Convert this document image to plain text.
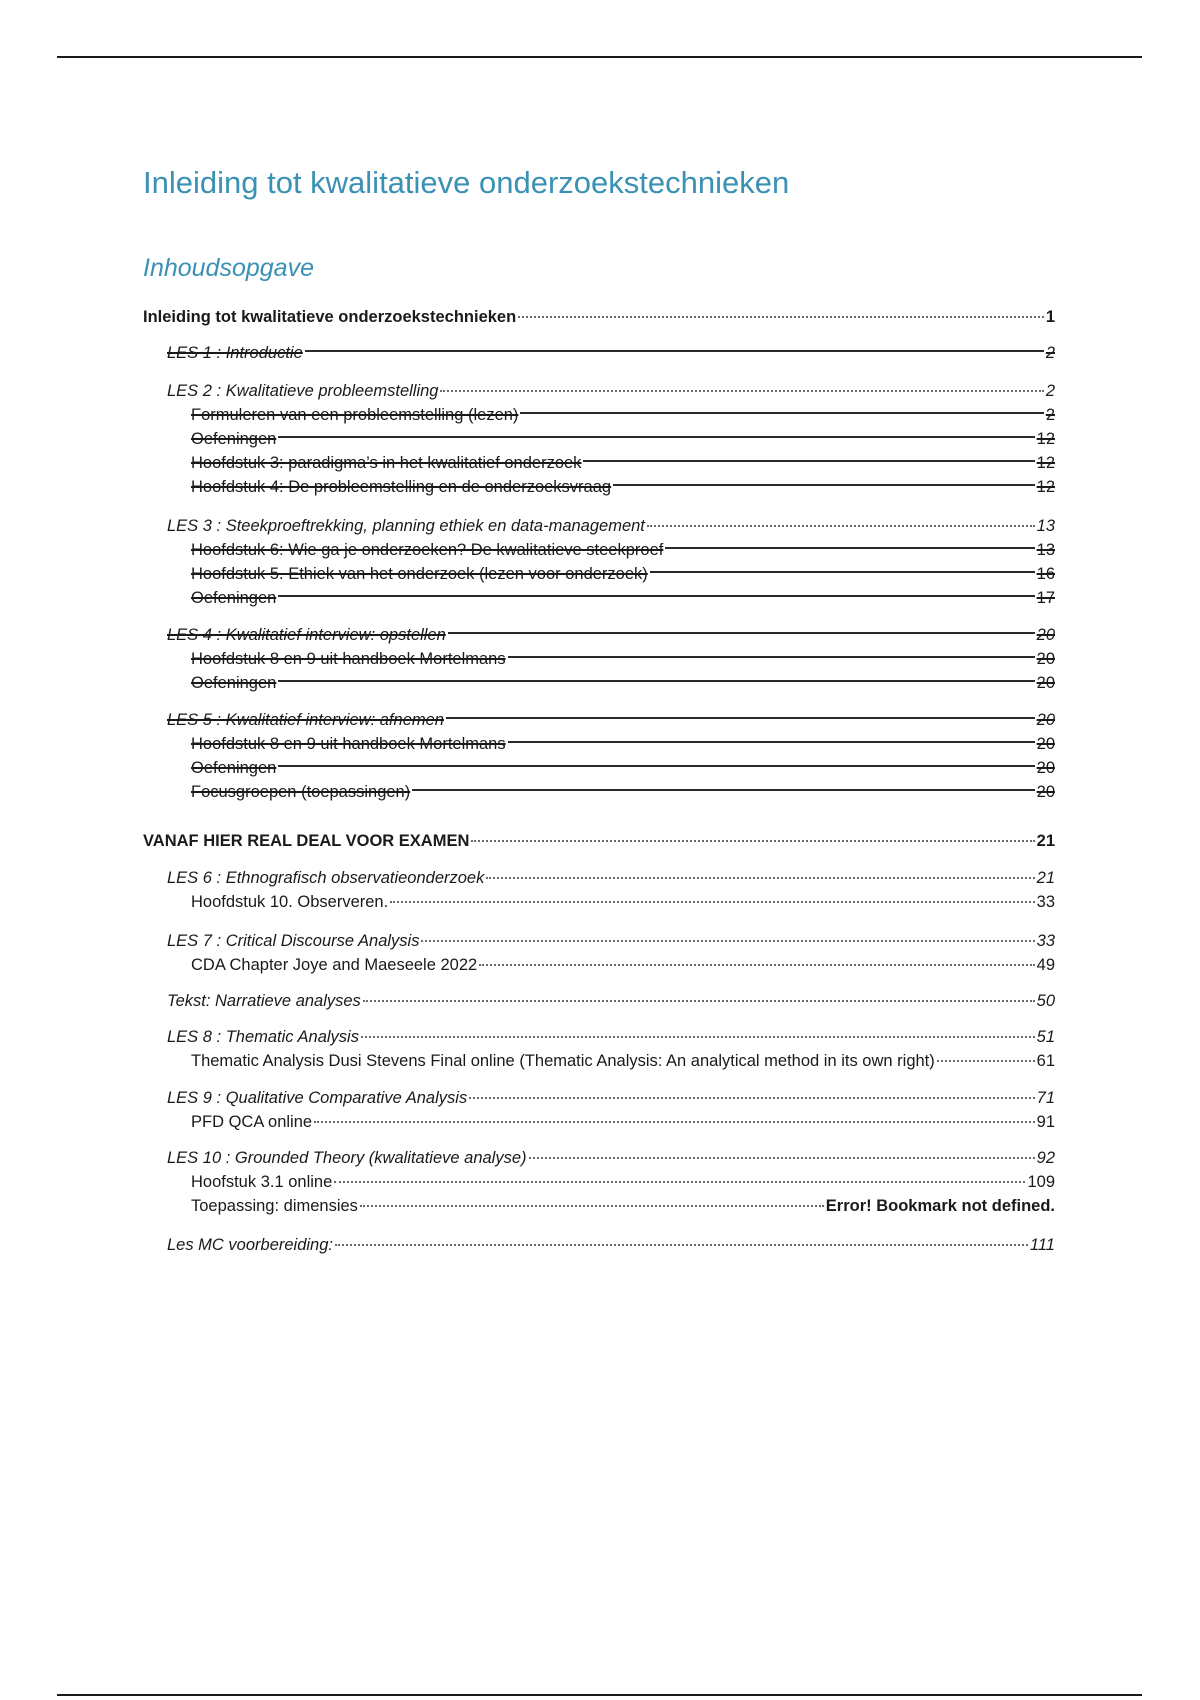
Inleiding tot kwalitatieve onderzoekstechnieken
Inhoudsopgave
Inleiding tot kwalitatieve onderzoekstechnieken	1
LES 1 : Introductie	2
LES 2 : Kwalitatieve probleemstelling	2
Formuleren van een probleemstelling (lezen)	2
Oefeningen	12
Hoofdstuk 3: paradigma’s in het kwalitatief onderzoek	12
Hoofdstuk 4: De probleemstelling en de onderzoeksvraag	12
LES 3 : Steekproeftrekking, planning ethiek en data-management	13
Hoofdstuk 6: Wie ga je onderzoeken? De kwalitatieve steekproef	13
Hoofdstuk 5. Ethiek van het onderzoek (lezen voor onderzoek)	16
Oefeningen	17
LES 4 : Kwalitatief interview: opstellen	20
Hoofdstuk 8 en 9 uit handboek Mortelmans	20
Oefeningen	20
LES 5 : Kwalitatief interview: afnemen	20
Hoofdstuk 8 en 9 uit handboek Mortelmans	20
Oefeningen	20
Focusgroepen (toepassingen)	20
VANAF HIER REAL DEAL VOOR EXAMEN	21
LES 6 : Ethnografisch observatieonderzoek	21
Hoofdstuk 10. Observeren.	33
LES 7 : Critical Discourse Analysis	33
CDA Chapter Joye and Maeseele 2022	49
Tekst: Narratieve analyses	50
LES 8 : Thematic Analysis	51
Thematic Analysis Dusi Stevens Final online (Thematic Analysis: An analytical method in its own right)	61
LES 9 : Qualitative Comparative Analysis	71
PFD QCA online	91
LES 10 : Grounded Theory (kwalitatieve analyse)	92
Hoofstuk 3.1 online	109
Toepassing: dimensies	Error! Bookmark not defined.
Les MC voorbereiding:	111
